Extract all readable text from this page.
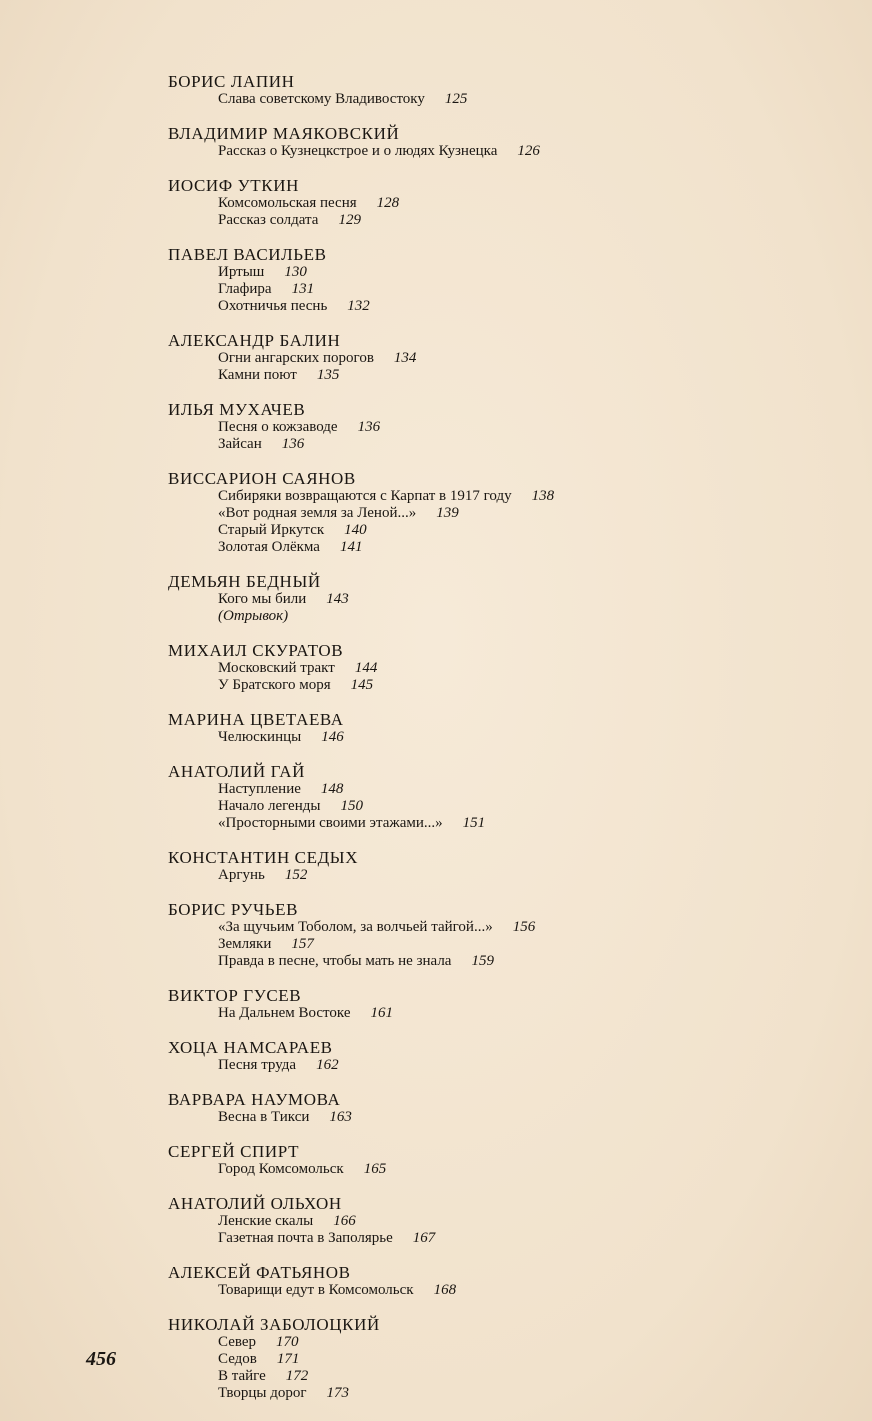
БОРИС ЛАПИН
Слава советскому Владивостоку 125
ВЛАДИМИР МАЯКОВСКИЙ
Рассказ о Кузнецкстрое и о людях Кузнецка 126
ИОСИФ УТКИН
Комсомольская песня 128
Рассказ солдата 129
ПАВЕЛ ВАСИЛЬЕВ
Иртыш 130
Глафира 131
Охотничья песнь 132
АЛЕКСАНДР БАЛИН
Огни ангарских порогов 134
Камни поют 135
ИЛЬЯ МУХАЧЕВ
Песня о кожзаводе 136
Зайсан 136
ВИССАРИОН САЯНОВ
Сибиряки возвращаются с Карпат в 1917 году 138
«Вот родная земля за Леной...» 139
Старый Иркутск 140
Золотая Олёкма 141
ДЕМЬЯН БЕДНЫЙ
Кого мы били 143
(Отрывок)
МИХАИЛ СКУРАТОВ
Московский тракт 144
У Братского моря 145
МАРИНА ЦВЕТАЕВА
Челюскинцы 146
АНАТОЛИЙ ГАЙ
Наступление 148
Начало легенды 150
«Просторными своими этажами...» 151
КОНСТАНТИН СЕДЫХ
Аргунь 152
БОРИС РУЧЬЕВ
«За щучьим Тоболом, за волчьей тайгой...» 156
Земляки 157
Правда в песне, чтобы мать не знала 159
ВИКТОР ГУСЕВ
На Дальнем Востоке 161
ХОЦА НАМСАРАЕВ
Песня труда 162
ВАРВАРА НАУМОВА
Весна в Тикси 163
СЕРГЕЙ СПИРТ
Город Комсомольск 165
АНАТОЛИЙ ОЛЬХОН
Ленские скалы 166
Газетная почта в Заполярье 167
АЛЕКСЕЙ ФАТЬЯНОВ
Товарищи едут в Комсомольск 168
НИКОЛАЙ ЗАБОЛОЦКИЙ
Север 170
Седов 171
В тайге 172
Творцы дорог 173
456
